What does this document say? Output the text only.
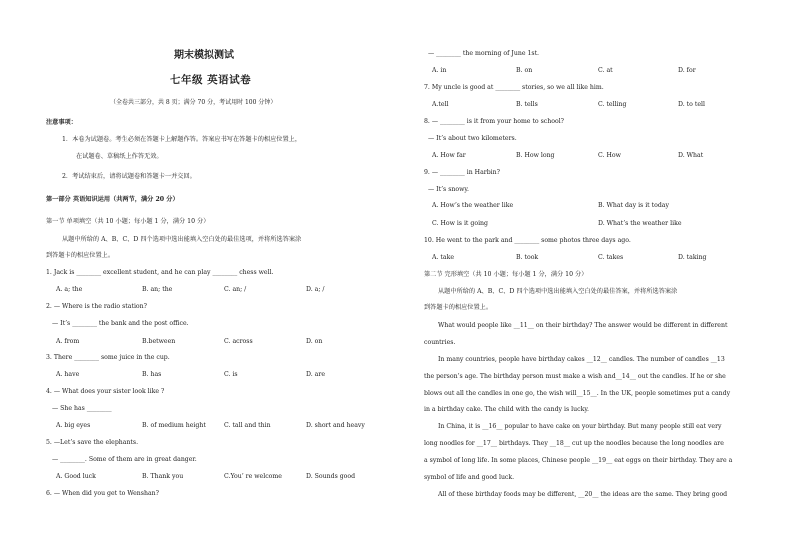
期末模拟测试
七年级 英语试卷
（全卷共三部分，共 8 页；满分 70 分，考试用时 100 分钟）
注意事项：
1．本卷为试题卷。考生必须在答题卡上解题作答。答案应书写在答题卡的相应位置上，
在试题卷、草稿纸上作答无效。
2．考试结束后，请将试题卷和答题卡一并交回。
第一部分 英语知识运用（共两节，满分 20 分）
第一节 单项填空（共 10 小题；每小题 1 分，满分 10 分）
从题中所给的 A、B、C、D 四个选项中选出能填入空白处的最佳选项，并将所选答案涂
到答题卡的相应位置上。
1. Jack is ________ excellent student, and he can play ________ chess well.
A. a; the	B. an; the	C. an; /	D. a; /
2. — Where is the radio station?
— It’s ________ the bank and the post office.
A. from	B.between	C. across	D. on
3. There ________ some juice in the cup.
A. have	B. has	C. is	D. are
4. — What does your sister look like ?
— She has ________
A. big eyes	B. of medium height	C. tall and thin	D. short and heavy
5. —Let’s save the elephants.
— ________. Some of them are in great danger.
A. Good luck	B. Thank you	C.You’ re welcome	D. Sounds good
6. — When did you get to Wenshan?
— ________ the morning of June 1st.
A. in	B. on	C. at	D. for
7. My uncle is good at ________ stories, so we all like him.
A.tell	B. tells	C. telling	D. to tell
8. — ________ is it from your home to school?
— It’s about two kilometers.
A. How far	B. How long	C. How	D. What
9. — ________ in Harbin?
— It’s snowy.
A. How’s the weather like	B. What day is it today
C. How is it going	D. What’s the weather like
10. He went to the park and ________ some photos three days ago.
A. take	B. took	C. takes	D. taking
第二节 完形填空（共 10 小题；每小题 1 分，满分 10 分）
从题中所给的 A、B、C、D 四个选项中选出能填入空白处的最佳答案，并将所选答案涂
到答题卡的相应位置上。
What would people like __11__ on their birthday? The answer would be different in different
countries.
In many countries, people have birthday cakes __12__ candles. The number of candles __13
the person’s age. The birthday person must make a wish and__14__ out the candles. If he or she
blows out all the candles in one go, the wish will__15__. In the UK, people sometimes put a candy
in a birthday cake. The child with the candy is lucky.
In China, it is __16__ popular to have cake on your birthday. But many people still eat very
long noodles for __17__ birthdays. They __18__ cut up the noodles because the long noodles are
a symbol of long life. In some places, Chinese people __19__ eat eggs on their birthday. They are a
symbol of life and good luck.
All of these birthday foods may be different, __20__ the ideas are the same. They bring good
